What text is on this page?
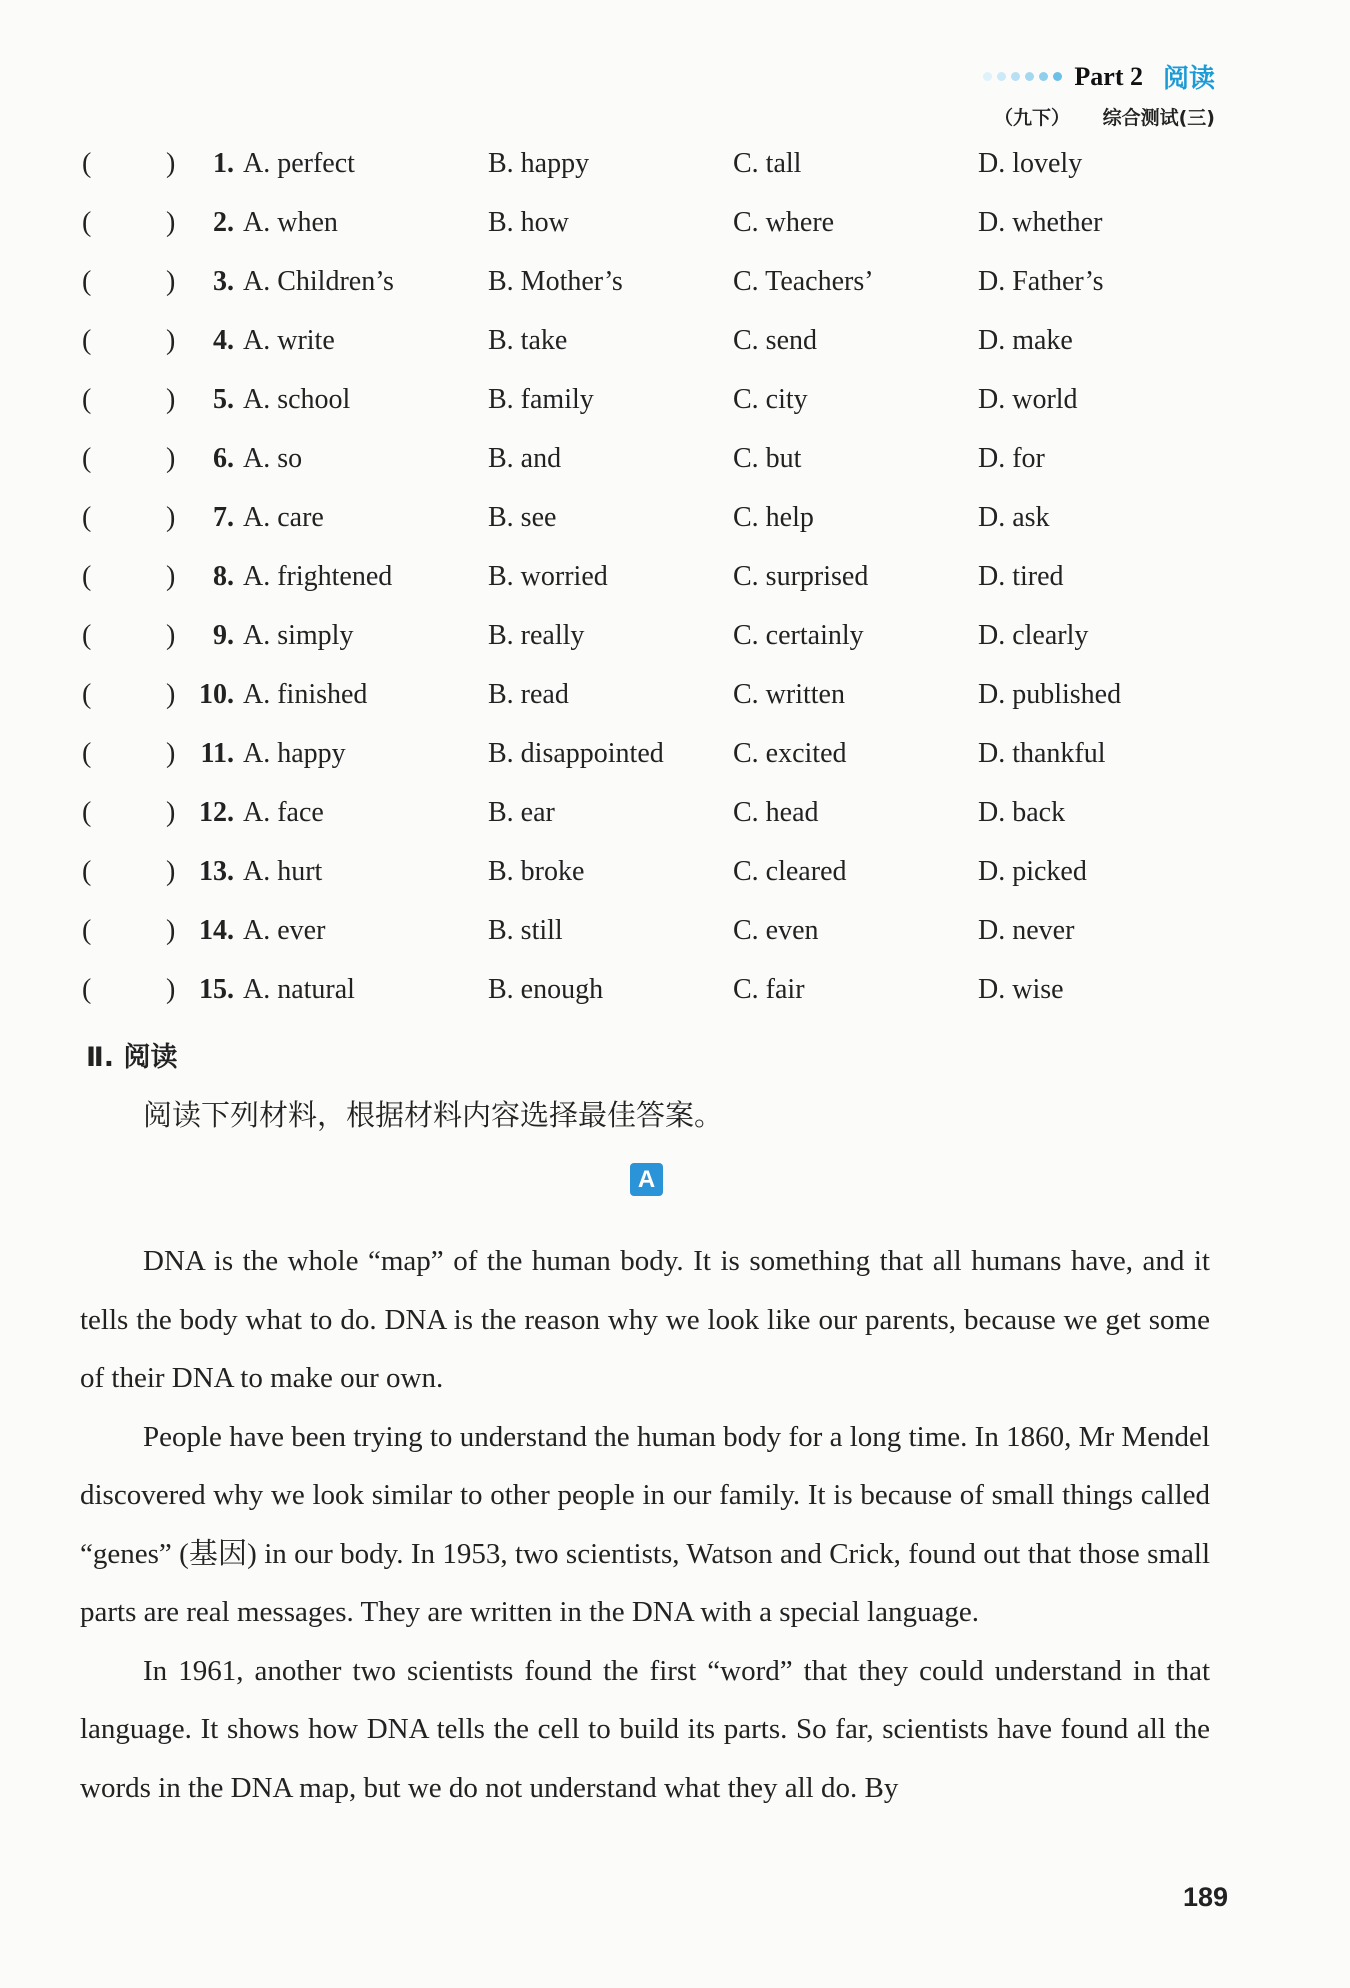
Part 2 阅读
（九下） 综合测试(三)
(	)	1. A. perfect	B. happy	C. tall	D. lovely
(	)	2. A. when	B. how	C. where	D. whether
(	)	3. A. Children’s	B. Mother’s	C. Teachers’	D. Father’s
(	)	4. A. write	B. take	C. send	D. make
(	)	5. A. school	B. family	C. city	D. world
(	)	6. A. so	B. and	C. but	D. for
(	)	7. A. care	B. see	C. help	D. ask
(	)	8. A. frightened	B. worried	C. surprised	D. tired
(	)	9. A. simply	B. really	C. certainly	D. clearly
(	) 10. A. finished	B. read	C. written	D. published
(	) 11. A. happy	B. disappointed C. excited	D. thankful
(	) 12. A. face	B. ear	C. head	D. back
(	) 13. A. hurt	B. broke	C. cleared	D. picked
(	) 14. A. ever	B. still	C. even	D. never
(	) 15. A. natural	B. enough	C. fair	D. wise
Ⅱ. 阅读
阅读下列材料，根据材料内容选择最佳答案。
A

DNA is the whole “map” of the human body. It is something that all humans have, and it tells the body what to do. DNA is the reason why we look like our parents, because we get some of their DNA to make our own.

People have been trying to understand the human body for a long time. In 1860, Mr Mendel discovered why we look similar to other people in our family. It is because of small things called “genes” (基因) in our body. In 1953, two scientists, Watson and Crick, found out that those small parts are real messages. They are written in the DNA with a special language.

In 1961, another two scientists found the first “word” that they could understand in that language. It shows how DNA tells the cell to build its parts. So far, scientists have found all the words in the DNA map, but we do not understand what they all do. By

189
